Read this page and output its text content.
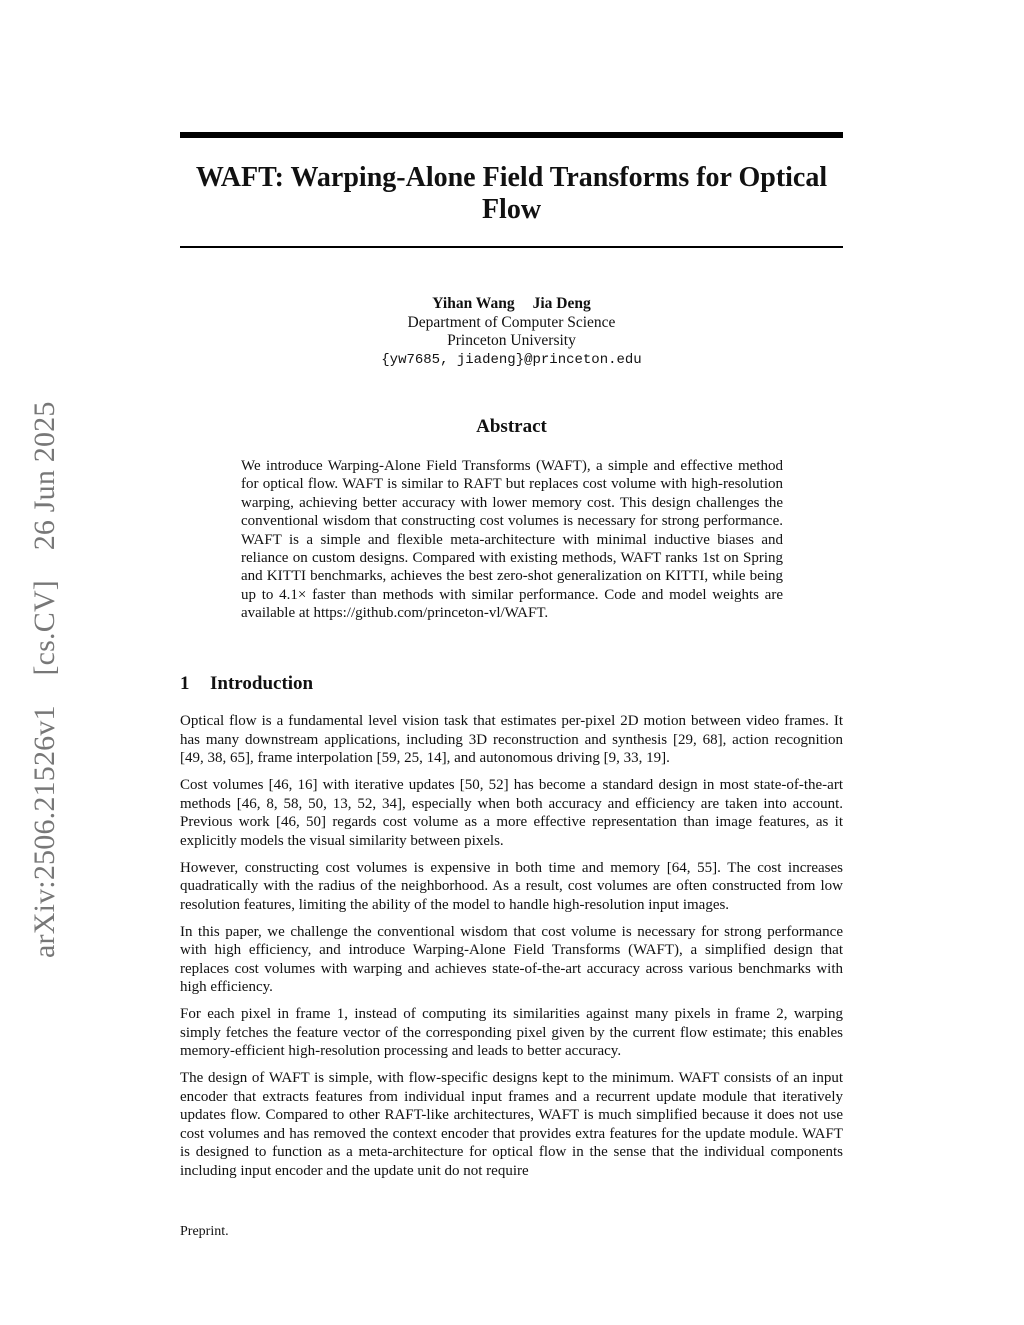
arXiv:2506.21526v1 [cs.CV] 26 Jun 2025
WAFT: Warping-Alone Field Transforms for Optical Flow
Yihan Wang Jia Deng
Department of Computer Science
Princeton University
{yw7685, jiadeng}@princeton.edu
Abstract
We introduce Warping-Alone Field Transforms (WAFT), a simple and effective method for optical flow. WAFT is similar to RAFT but replaces cost volume with high-resolution warping, achieving better accuracy with lower memory cost. This design challenges the conventional wisdom that constructing cost volumes is necessary for strong performance. WAFT is a simple and flexible meta-architecture with minimal inductive biases and reliance on custom designs. Compared with existing methods, WAFT ranks 1st on Spring and KITTI benchmarks, achieves the best zero-shot generalization on KITTI, while being up to 4.1× faster than methods with similar performance. Code and model weights are available at https://github.com/princeton-vl/WAFT.
1 Introduction

Optical flow is a fundamental level vision task that estimates per-pixel 2D motion between video frames. It has many downstream applications, including 3D reconstruction and synthesis [29, 68], action recognition [49, 38, 65], frame interpolation [59, 25, 14], and autonomous driving [9, 33, 19].

Cost volumes [46, 16] with iterative updates [50, 52] has become a standard design in most state-of-the-art methods [46, 8, 58, 50, 13, 52, 34], especially when both accuracy and efficiency are taken into account. Previous work [46, 50] regards cost volume as a more effective representation than image features, as it explicitly models the visual similarity between pixels.

However, constructing cost volumes is expensive in both time and memory [64, 55]. The cost increases quadratically with the radius of the neighborhood. As a result, cost volumes are often constructed from low resolution features, limiting the ability of the model to handle high-resolution input images.

In this paper, we challenge the conventional wisdom that cost volume is necessary for strong performance with high efficiency, and introduce Warping-Alone Field Transforms (WAFT), a simplified design that replaces cost volumes with warping and achieves state-of-the-art accuracy across various benchmarks with high efficiency.

For each pixel in frame 1, instead of computing its similarities against many pixels in frame 2, warping simply fetches the feature vector of the corresponding pixel given by the current flow estimate; this enables memory-efficient high-resolution processing and leads to better accuracy.

The design of WAFT is simple, with flow-specific designs kept to the minimum. WAFT consists of an input encoder that extracts features from individual input frames and a recurrent update module that iteratively updates flow. Compared to other RAFT-like architectures, WAFT is much simplified because it does not use cost volumes and has removed the context encoder that provides extra features for the update module. WAFT is designed to function as a meta-architecture for optical flow in the sense that the individual components including input encoder and the update unit do not require

Preprint.
